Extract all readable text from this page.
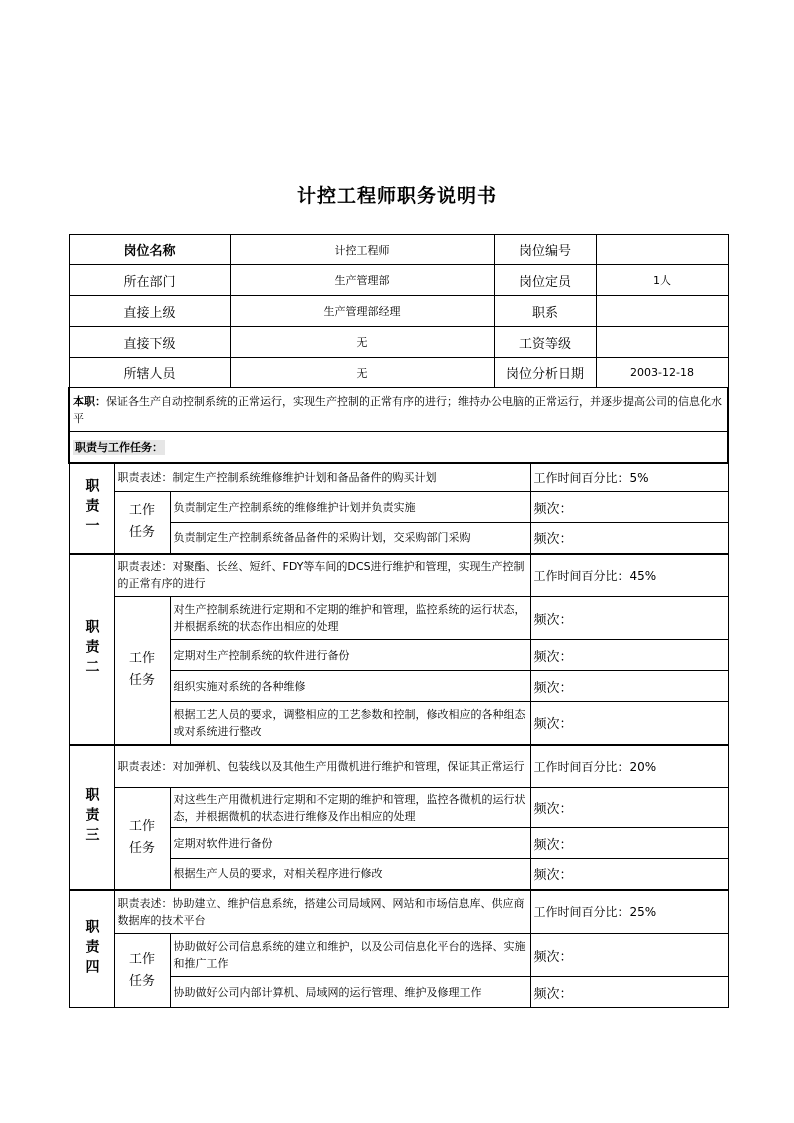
计控工程师职务说明书
岗位名称			计控工程师	岗位编号		
所在部门			生产管理部	岗位定员		1人
直接上级			生产管理部经理	职系		
直接下级			无	工资等级		
所辖人员			无	岗位分析日期		2003-12-18
本职：保证各生产自动控制系统的正常运行，实现生产控制的正常有序的进行；维持办公电脑的正常运行，并逐步提高公司的信息化水平						
职责与工作任务：						
职责一	职责表述：制定生产控制系统维修维护计划和备品备件的购买计划				工作时间百分比：5%	
	工作任务	负责制定生产控制系统的维修维护计划并负责实施			频次：	
		负责制定生产控制系统备品备件的采购计划，交采购部门采购			频次：	
职责二	职责表述：对聚酯、长丝、短纤、FDY等车间的DCS进行维护和管理，实现生产控制的正常有序的进行				工作时间百分比：45%	
	工作任务	对生产控制系统进行定期和不定期的维护和管理，监控系统的运行状态，并根据系统的状态作出相应的处理			频次：	
		定期对生产控制系统的软件进行备份			频次：	
		组织实施对系统的各种维修			频次：	
		根据工艺人员的要求，调整相应的工艺参数和控制，修改相应的各种组态或对系统进行整改			频次：	
职责三	职责表述：对加弹机、包装线以及其他生产用微机进行维护和管理，保证其正常运行				工作时间百分比：20%	
	工作任务	对这些生产用微机进行定期和不定期的维护和管理，监控各微机的运行状态，并根据微机的状态进行维修及作出相应的处理			频次：	
		定期对软件进行备份			频次：	
		根据生产人员的要求，对相关程序进行修改			频次：	
职责四	职责表述：协助建立、维护信息系统，搭建公司局域网、网站和市场信息库、供应商数据库的技术平台				工作时间百分比：25%	
	工作任务	协助做好公司信息系统的建立和维护，以及公司信息化平台的选择、实施和推广工作			频次：	
		协助做好公司内部计算机、局域网的运行管理、维护及修理工作			频次：	
